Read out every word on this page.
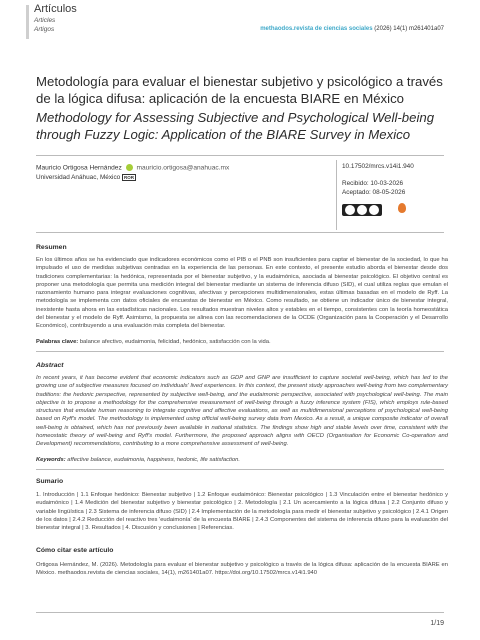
Artículos
Articles
Artigos	methaodos.revista de ciencias sociales (2026) 14(1) m261401a07
Metodología para evaluar el bienestar subjetivo y psicológico a través de la lógica difusa: aplicación de la encuesta BIARE en México
Methodology for Assessing Subjective and Psychological Well-being through Fuzzy Logic: Application of the BIARE Survey in Mexico
Mauricio Ortigosa Hernández mauricio.ortigosa@anahuac.mx
Universidad Anáhuac, México ROR
10.17502/mrcs.v14i1.940
Recibido: 10-03-2026
Aceptado: 08-05-2026
Resumen

En los últimos años se ha evidenciado que indicadores económicos como el PIB o el PNB son insuficientes para captar el bienestar de la sociedad, lo que ha impulsado el uso de medidas subjetivas centradas en la experiencia de las personas. En este contexto, el presente estudio aborda el bienestar desde dos tradiciones complementarias: la hedónica, representada por el bienestar subjetivo, y la eudaimónica, asociada al bienestar psicológico. El objetivo central es proponer una metodología que permita una medición integral del bienestar mediante un sistema de inferencia difuso (SID), el cual utiliza reglas que emulan el razonamiento humano para integrar evaluaciones cognitivas, afectivas y percepciones multidimensionales, estas últimas basadas en el modelo de Ryff. La metodología se implementa con datos oficiales de encuestas de bienestar en México. Como resultado, se obtiene un indicador único de bienestar integral, inexistente hasta ahora en las estadísticas nacionales. Los resultados muestran niveles altos y estables en el tiempo, consistentes con la teoría homeostática del bienestar y el modelo de Ryff. Asimismo, la propuesta se alinea con las recomendaciones de la OCDE (Organización para la Cooperación y el Desarrollo Económico), contribuyendo a una evaluación más completa del bienestar.

Palabras clave: balance afectivo, eudaimonia, felicidad, hedónico, satisfacción con la vida.
Abstract

In recent years, it has become evident that economic indicators such as GDP and GNP are insufficient to capture societal well-being, which has led to the growing use of subjective measures focused on individuals' lived experiences. In this context, the present study approaches well-being from two complementary traditions: the hedonic perspective, represented by subjective well-being, and the eudaimonic perspective, associated with psychological well-being. The main objective is to propose a methodology for the comprehensive measurement of well-being through a fuzzy inference system (FIS), which employs rule-based structures that emulate human reasoning to integrate cognitive and affective evaluations, as well as multidimensional perceptions of psychological well-being based on Ryff's model. The methodology is implemented using official well-being survey data from Mexico. As a result, a unique composite indicator of overall well-being is obtained, which has not previously been available in national statistics. The findings show high and stable levels over time, consistent with the homeostatic theory of well-being and Ryff's model. Furthermore, the proposed approach aligns with OECD (Organisation for Economic Co-operation and Development) recommendations, contributing to a more comprehensive assessment of well-being.

Keywords: affective balance, eudaimonia, happiness, hedonic, life satisfaction.
Sumario

1. Introducción | 1.1 Enfoque hedónico: Bienestar subjetivo | 1.2 Enfoque eudaimónico: Bienestar psicológico | 1.3 Vinculación entre el bienestar hedónico y eudaimónico | 1.4 Medición del bienestar subjetivo y bienestar psicológico | 2. Metodología | 2.1 Un acercamiento a la lógica difusa | 2.2 Conjunto difuso y variable lingüística | 2.3 Sistema de inferencia difuso (SID) | 2.4 Implementación de la metodología para medir el bienestar subjetivo y psicológico | 2.4.1 Origen de los datos | 2.4.2 Reducción del reactivo tres 'eudaimonía' de la encuesta BIARE | 2.4.3 Componentes del sistema de inferencia difuso para la evaluación del bienestar integral | 3. Resultados | 4. Discusión y conclusiones | Referencias.

Cómo citar este artículo

Ortigosa Hernández, M. (2026). Metodología para evaluar el bienestar subjetivo y psicológico a través de la lógica difusa: aplicación de la encuesta BIARE en México. methaodos.revista de ciencias sociales, 14(1), m261401a07. https://doi.org/10.17502/mrcs.v14i1.940

1/19
